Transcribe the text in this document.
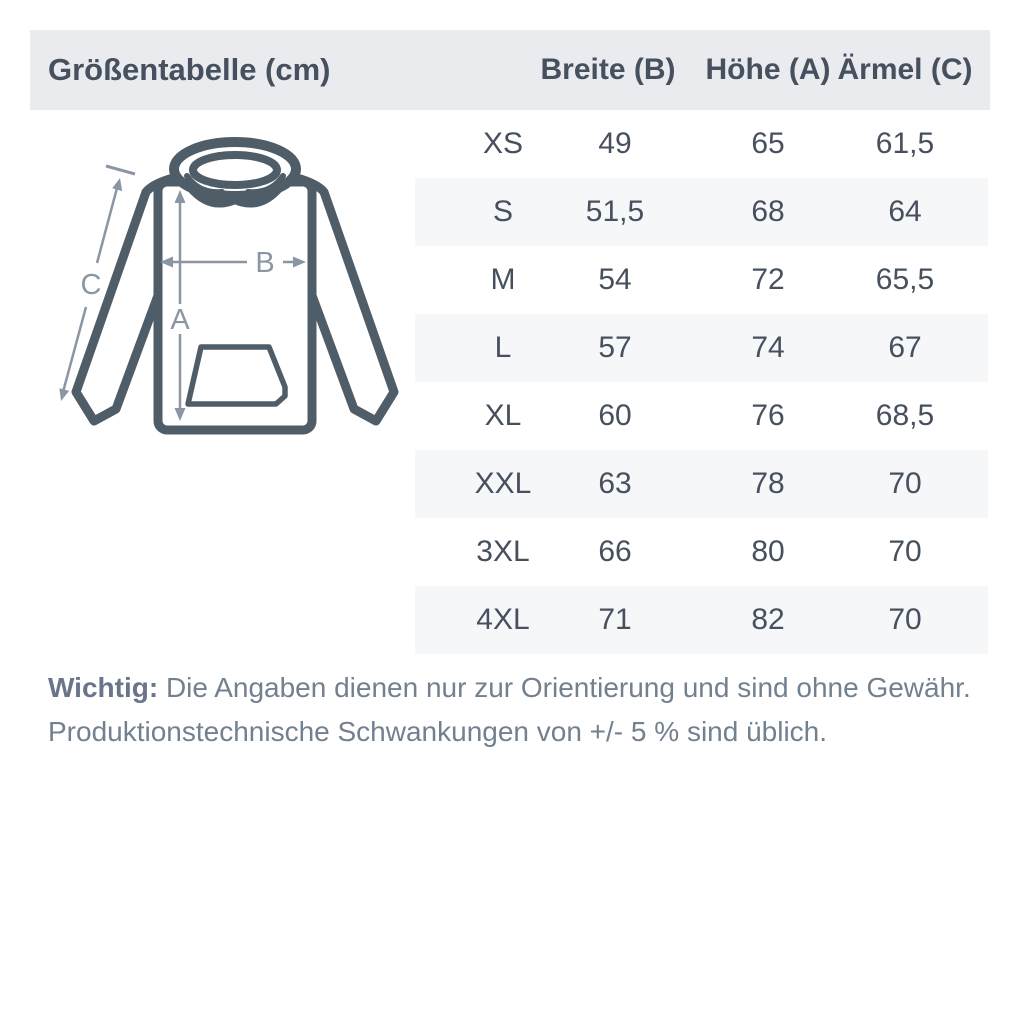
Größentabelle (cm)	Breite (B)	Höhe (A) Ärmel (C)
A
B
C
XS	49	65	61,5
S	51,5	68	64
M	54	72	65,5
L	57	74	67
XL	60	76	68,5
XXL	63	78	70
3XL	66	80	70
4XL	71	82	70

Wichtig: Die Angaben dienen nur zur Orientierung und sind ohne Gewähr.
Produktionstechnische Schwankungen von +/- 5 % sind üblich.
